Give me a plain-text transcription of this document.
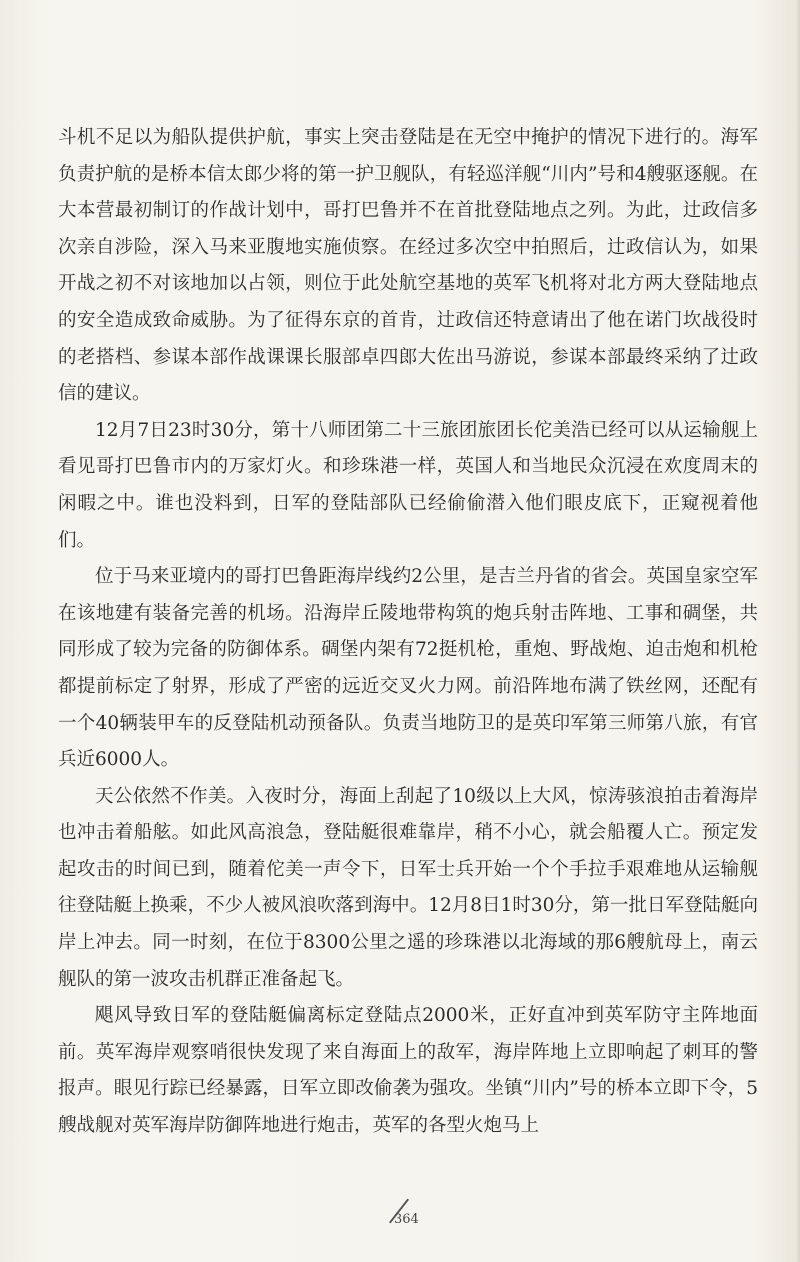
斗机不足以为船队提供护航，事实上突击登陆是在无空中掩护的情况下进行的。海军负责护航的是桥本信太郎少将的第一护卫舰队，有轻巡洋舰“川内”号和4艘驱逐舰。在大本营最初制订的作战计划中，哥打巴鲁并不在首批登陆地点之列。为此，辻政信多次亲自涉险，深入马来亚腹地实施侦察。在经过多次空中拍照后，辻政信认为，如果开战之初不对该地加以占领，则位于此处航空基地的英军飞机将对北方两大登陆地点的安全造成致命威胁。为了征得东京的首肯，辻政信还特意请出了他在诺门坎战役时的老搭档、参谋本部作战课课长服部卓四郎大佐出马游说，参谋本部最终采纳了辻政信的建议。

12月7日23时30分，第十八师团第二十三旅团旅团长佗美浩已经可以从运输舰上看见哥打巴鲁市内的万家灯火。和珍珠港一样，英国人和当地民众沉浸在欢度周末的闲暇之中。谁也没料到，日军的登陆部队已经偷偷潜入他们眼皮底下，正窥视着他们。

位于马来亚境内的哥打巴鲁距海岸线约2公里，是吉兰丹省的省会。英国皇家空军在该地建有装备完善的机场。沿海岸丘陵地带构筑的炮兵射击阵地、工事和碉堡，共同形成了较为完备的防御体系。碉堡内架有72挺机枪，重炮、野战炮、迫击炮和机枪都提前标定了射界，形成了严密的远近交叉火力网。前沿阵地布满了铁丝网，还配有一个40辆装甲车的反登陆机动预备队。负责当地防卫的是英印军第三师第八旅，有官兵近6000人。

天公依然不作美。入夜时分，海面上刮起了10级以上大风，惊涛骇浪拍击着海岸也冲击着船舷。如此风高浪急，登陆艇很难靠岸，稍不小心，就会船覆人亡。预定发起攻击的时间已到，随着佗美一声令下，日军士兵开始一个个手拉手艰难地从运输舰往登陆艇上换乘，不少人被风浪吹落到海中。12月8日1时30分，第一批日军登陆艇向岸上冲去。同一时刻，在位于8300公里之遥的珍珠港以北海域的那6艘航母上，南云舰队的第一波攻击机群正准备起飞。

飓风导致日军的登陆艇偏离标定登陆点2000米，正好直冲到英军防守主阵地面前。英军海岸观察哨很快发现了来自海面上的敌军，海岸阵地上立即响起了刺耳的警报声。眼见行踪已经暴露，日军立即改偷袭为强攻。坐镇“川内”号的桥本立即下令，5艘战舰对英军海岸防御阵地进行炮击，英军的各型火炮马上

364
